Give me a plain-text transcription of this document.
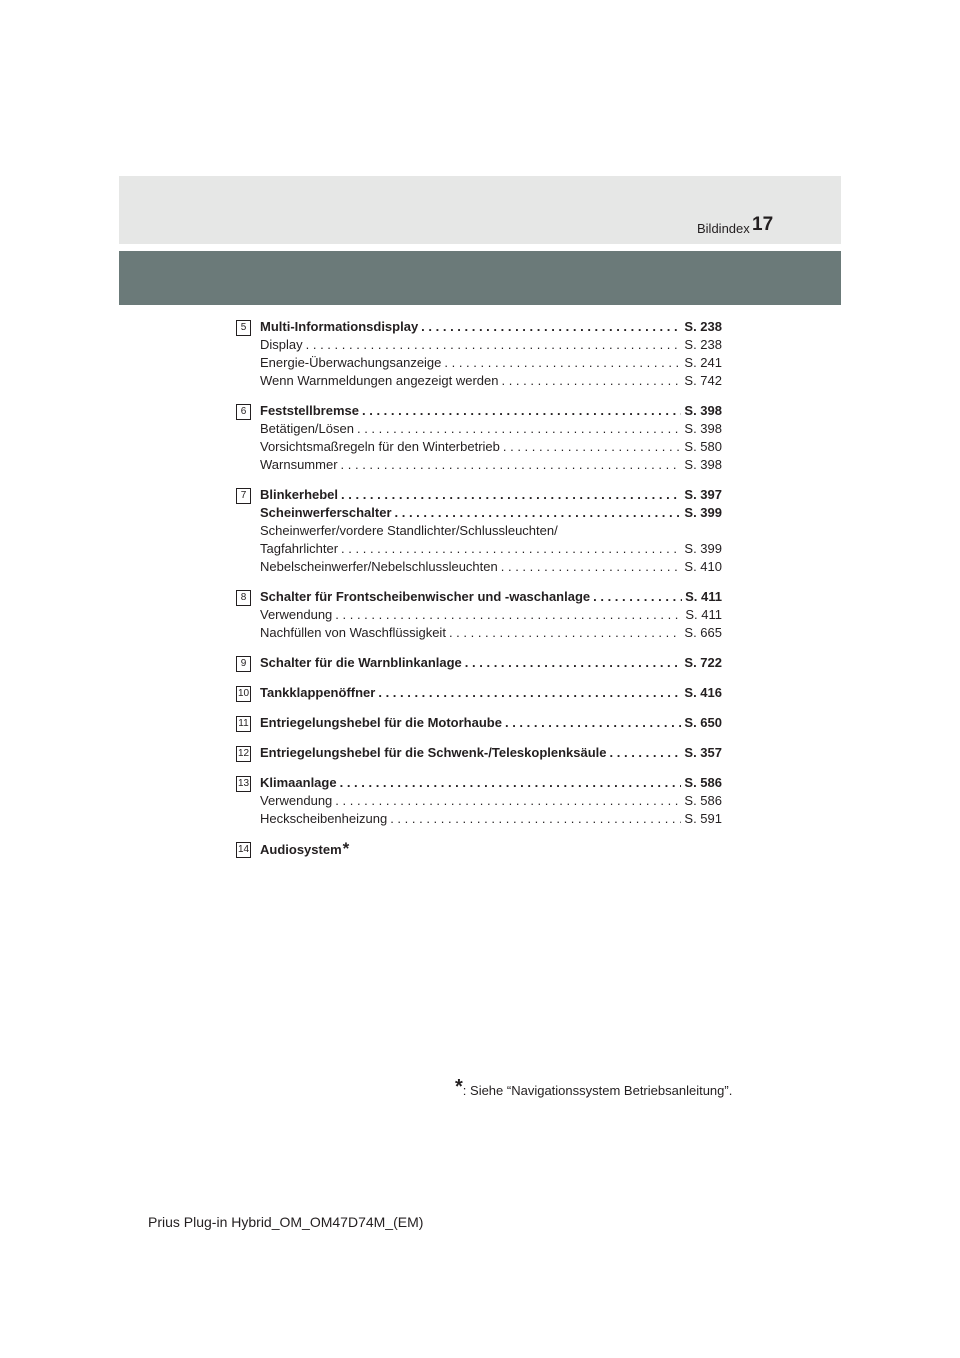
Bildindex 17
5	Multi-Informationsdisplay . . .	S. 238
Display . . .	S. 238
Energie-Überwachungsanzeige . . .	S. 241
Wenn Warnmeldungen angezeigt werden . . .	S. 742
6	Feststellbremse . . .	S. 398
Betätigen/Lösen . . .	S. 398
Vorsichtsmaßregeln für den Winterbetrieb . . .	S. 580
Warnsummer . . .	S. 398
7	Blinkerhebel . . .	S. 397
Scheinwerferschalter . . .	S. 399
Scheinwerfer/vordere Standlichter/Schlussleuchten/
Tagfahrlichter . . .	S. 399
Nebelscheinwerfer/Nebelschlussleuchten . . .	S. 410
8	Schalter für Frontscheibenwischer und -waschanlage . . .	S. 411
Verwendung . . .	S. 411
Nachfüllen von Waschflüssigkeit . . .	S. 665
9	Schalter für die Warnblinkanlage . . .	S. 722
10 Tankklappenöffner . . .	S. 416
11 Entriegelungshebel für die Motorhaube . . .	S. 650
12 Entriegelungshebel für die Schwenk-/Teleskoplenksäule . . .	S. 357
13 Klimaanlage . . .	S. 586
Verwendung . . .	S. 586
Heckscheibenheizung . . .	S. 591
14 Audiosystem *
*: Siehe “Navigationssystem Betriebsanleitung”.
Prius Plug-in Hybrid_OM_OM47D74M_(EM)
